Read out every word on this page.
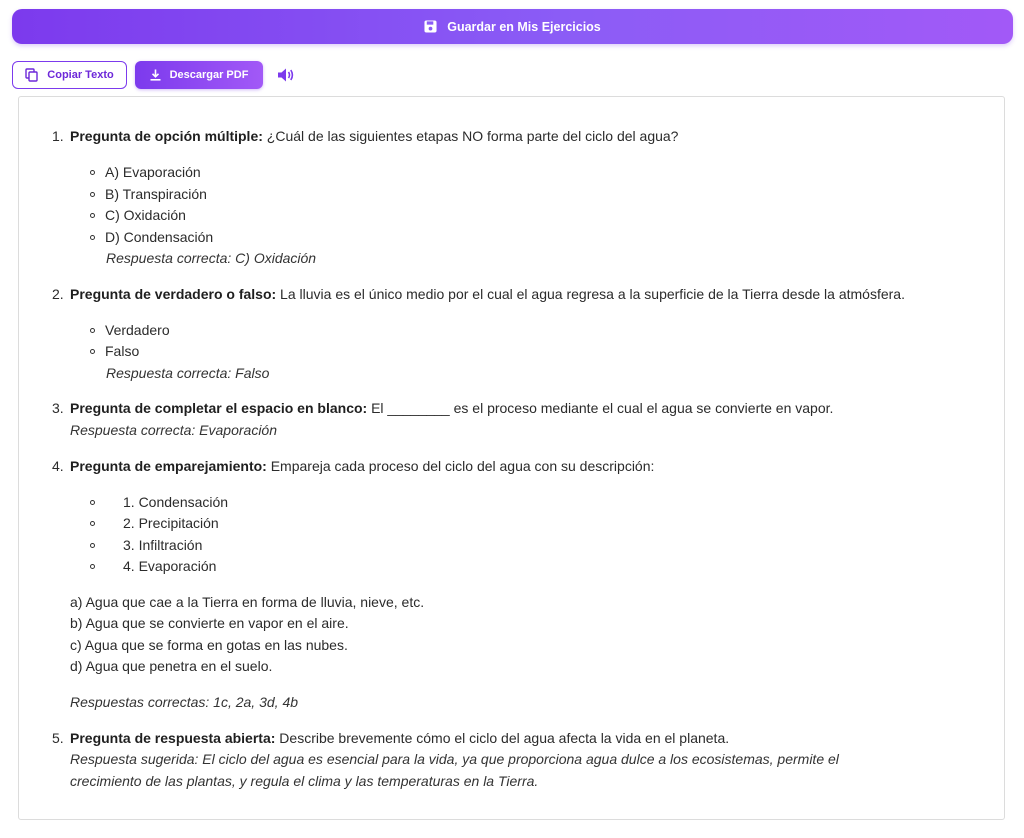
Guardar en Mis Ejercicios
Copiar Texto	Descargar PDF
1. Pregunta de opción múltiple: ¿Cuál de las siguientes etapas NO forma parte del ciclo del agua?
A) Evaporación
B) Transpiración
C) Oxidación
D) Condensación
Respuesta correcta: C) Oxidación
2. Pregunta de verdadero o falso: La lluvia es el único medio por el cual el agua regresa a la superficie de la Tierra desde la atmósfera.
Verdadero
Falso
Respuesta correcta: Falso
3. Pregunta de completar el espacio en blanco: El ________ es el proceso mediante el cual el agua se convierte en vapor.
Respuesta correcta: Evaporación
4. Pregunta de emparejamiento: Empareja cada proceso del ciclo del agua con su descripción:
1. Condensación
2. Precipitación
3. Infiltración
4. Evaporación
a) Agua que cae a la Tierra en forma de lluvia, nieve, etc.
b) Agua que se convierte en vapor en el aire.
c) Agua que se forma en gotas en las nubes.
d) Agua que penetra en el suelo.
Respuestas correctas: 1c, 2a, 3d, 4b
5. Pregunta de respuesta abierta: Describe brevemente cómo el ciclo del agua afecta la vida en el planeta.
Respuesta sugerida: El ciclo del agua es esencial para la vida, ya que proporciona agua dulce a los ecosistemas, permite el
crecimiento de las plantas, y regula el clima y las temperaturas en la Tierra.
